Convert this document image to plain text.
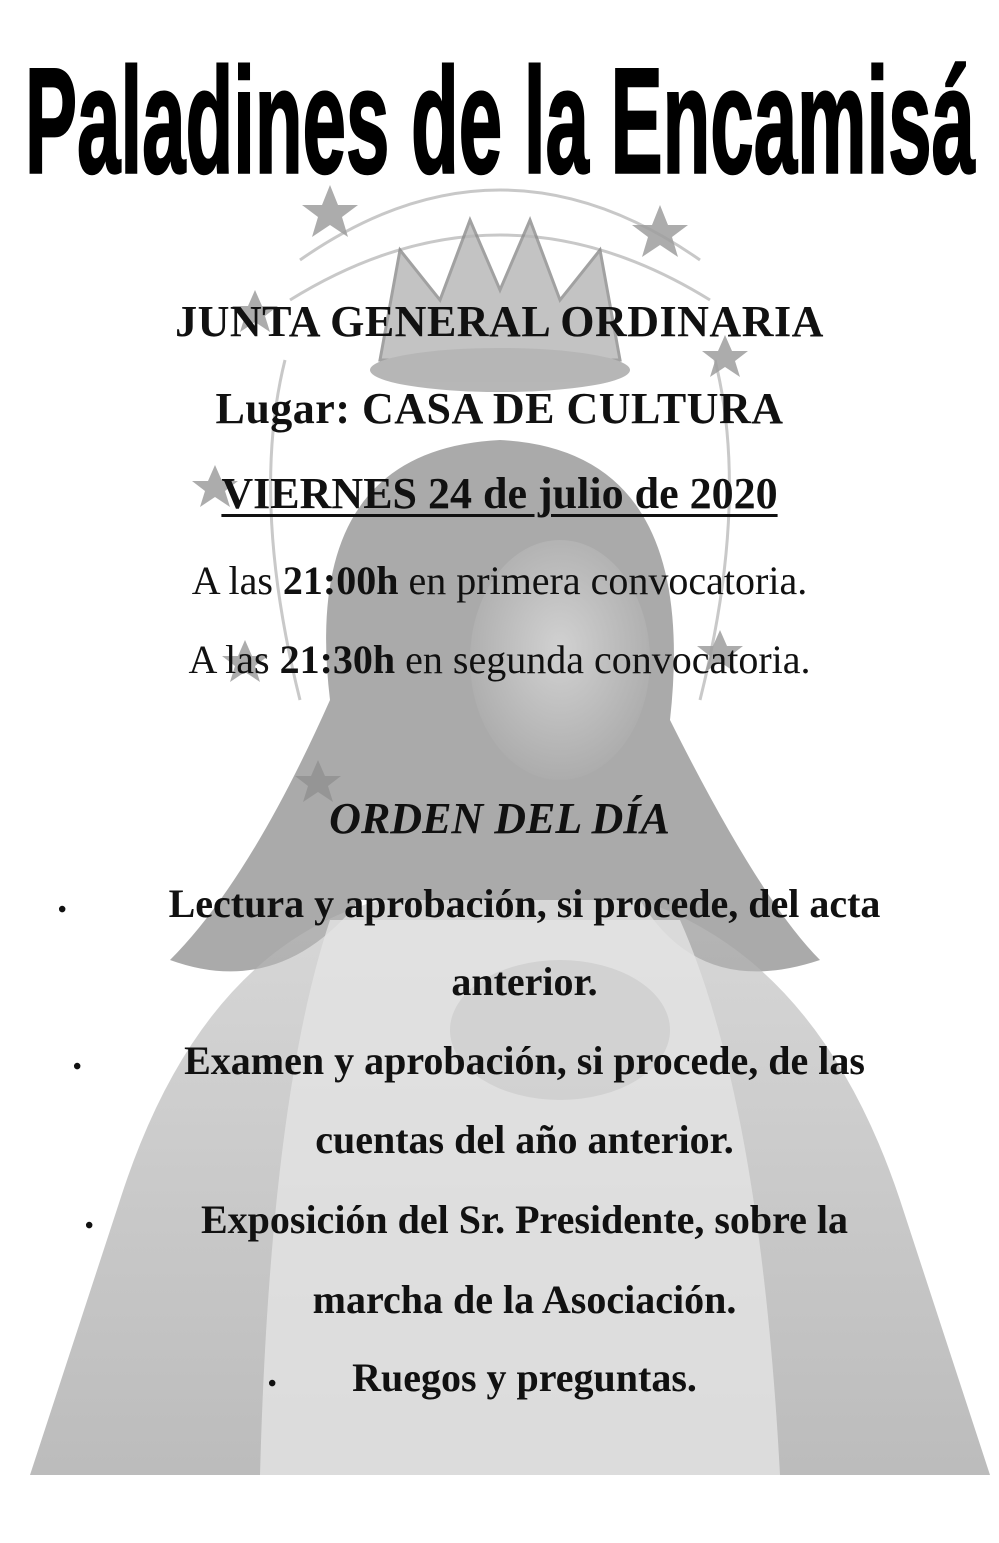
Paladines de la Encamisá
JUNTA GENERAL ORDINARIA
Lugar: CASA DE CULTURA
VIERNES 24 de julio de 2020
A las 21:00h en primera convocatoria.
A las 21:30h en segunda convocatoria.
ORDEN DEL DÍA
•	Lectura y aprobación, si procede, del acta
anterior.
•	Examen y aprobación, si procede, de las
cuentas del año anterior.
•	Exposición del Sr. Presidente, sobre la
marcha de la Asociación.
•	Ruegos y preguntas.
